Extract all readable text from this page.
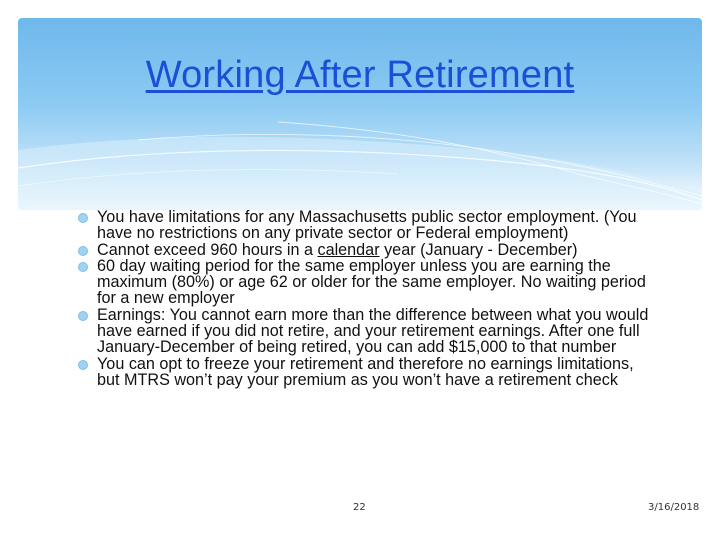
Working After Retirement
You have limitations for any Massachusetts public sector employment. (You have no restrictions on any private sector or Federal employment)
Cannot exceed 960 hours in a calendar year (January - December)
60 day waiting period for the same employer unless you are earning the maximum (80%) or age 62 or older for the same employer. No waiting period for a new employer
Earnings: You cannot earn more than the difference between what you would have earned if you did not retire, and your retirement earnings. After one full January-December of being retired, you can add $15,000 to that number
You can opt to freeze your retirement and therefore no earnings limitations, but MTRS won’t pay your premium as you won’t have a retirement check
22	3/16/2018
